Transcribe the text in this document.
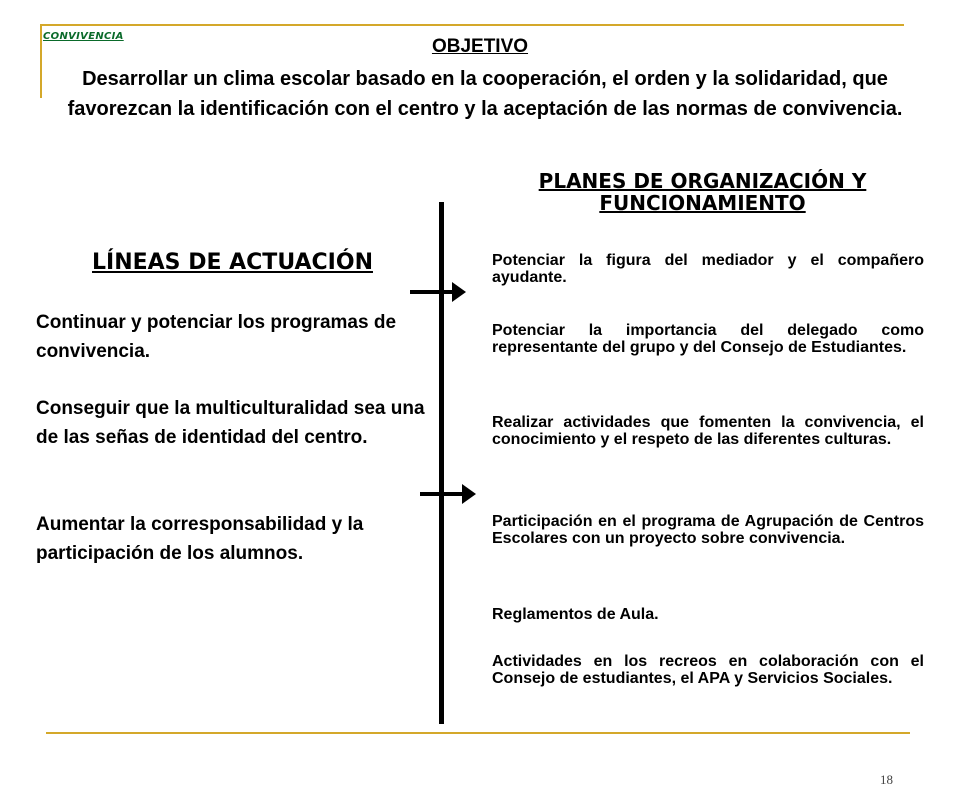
CONVIVENCIA	OBJETIVO
Desarrollar un clima escolar basado en la cooperación, el orden y la solidaridad, que favorezcan la identificación con el centro y la aceptación de las normas de convivencia.
PLANES DE ORGANIZACIÓN Y FUNCIONAMIENTO
LÍNEAS DE ACTUACIÓN
Continuar y potenciar los programas de convivencia.
Conseguir que la multiculturalidad sea una de las señas de identidad del centro.
Aumentar la corresponsabilidad y la participación de los alumnos.
Potenciar la figura del mediador y el compañero ayudante.
Potenciar la importancia del delegado como representante del grupo y del Consejo de Estudiantes.
Realizar actividades que fomenten la convivencia, el conocimiento y el respeto de las diferentes culturas.
Participación en el programa de Agrupación de Centros Escolares con un proyecto sobre convivencia.
Reglamentos de Aula.
Actividades en los recreos en colaboración con el Consejo de estudiantes, el APA y Servicios Sociales.
18
